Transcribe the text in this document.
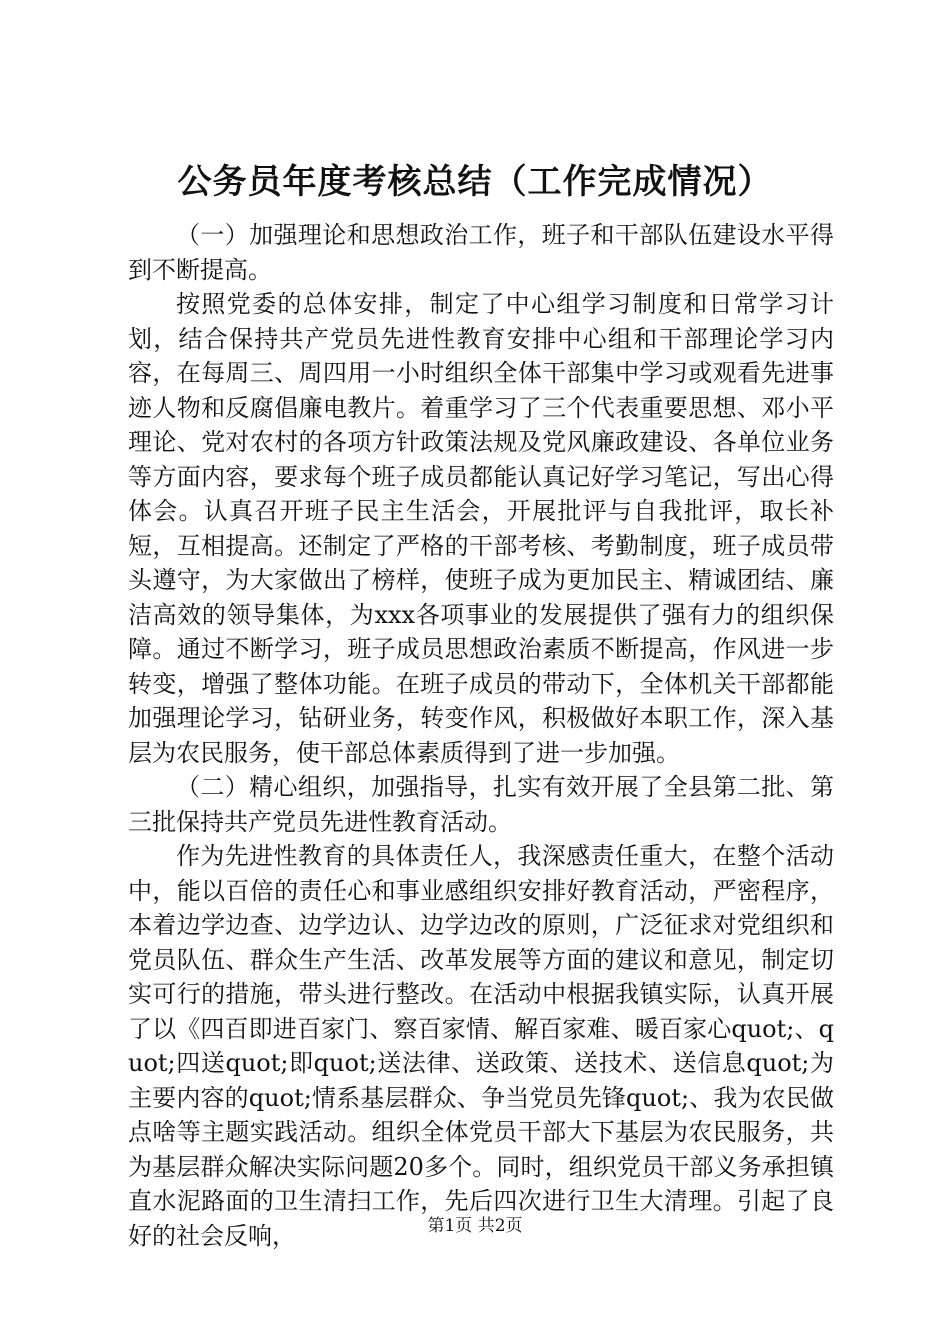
公务员年度考核总结（工作完成情况）

（一）加强理论和思想政治工作，班子和干部队伍建设水平得到不断提高。

按照党委的总体安排，制定了中心组学习制度和日常学习计划，结合保持共产党员先进性教育安排中心组和干部理论学习内容，在每周三、周四用一小时组织全体干部集中学习或观看先进事迹人物和反腐倡廉电教片。着重学习了三个代表重要思想、邓小平理论、党对农村的各项方针政策法规及党风廉政建设、各单位业务等方面内容，要求每个班子成员都能认真记好学习笔记，写出心得体会。认真召开班子民主生活会，开展批评与自我批评，取长补短，互相提高。还制定了严格的干部考核、考勤制度，班子成员带头遵守，为大家做出了榜样，使班子成为更加民主、精诚团结、廉洁高效的领导集体，为xxx各项事业的发展提供了强有力的组织保障。通过不断学习，班子成员思想政治素质不断提高，作风进一步转变，增强了整体功能。在班子成员的带动下，全体机关干部都能加强理论学习，钻研业务，转变作风，积极做好本职工作，深入基层为农民服务，使干部总体素质得到了进一步加强。

（二）精心组织，加强指导，扎实有效开展了全县第二批、第三批保持共产党员先进性教育活动。

作为先进性教育的具体责任人，我深感责任重大，在整个活动中，能以百倍的责任心和事业感组织安排好教育活动，严密程序，本着边学边查、边学边认、边学边改的原则，广泛征求对党组织和党员队伍、群众生产生活、改革发展等方面的建议和意见，制定切实可行的措施，带头进行整改。在活动中根据我镇实际，认真开展了以《四百即进百家门、察百家情、解百家难、暖百家心quot;、quot;四送quot;即quot;送法律、送政策、送技术、送信息quot;为主要内容的quot;情系基层群众、争当党员先锋quot;、我为农民做点啥等主题实践活动。组织全体党员干部大下基层为农民服务，共为基层群众解决实际问题20多个。同时，组织党员干部义务承担镇直水泥路面的卫生清扫工作，先后四次进行卫生大清理。引起了良好的社会反响，	第1页 共2页
